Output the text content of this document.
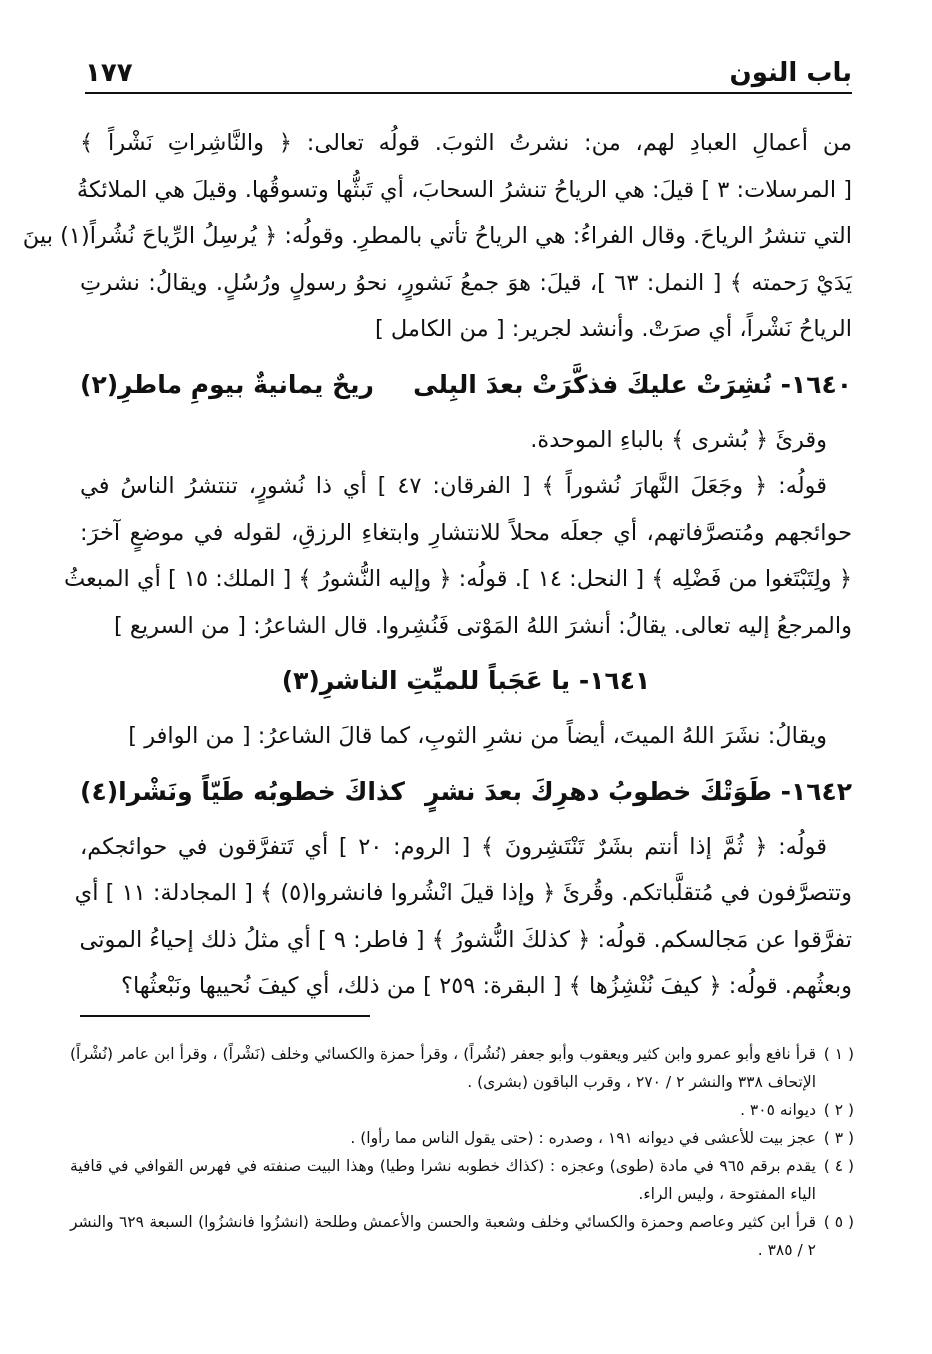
باب النون
١٧٧
من أعمالِ العبادِ لهم، من: نشرتُ الثوبَ. قولُه تعالى: ﴿ والنَّاشِراتِ نَشْراً ﴾
[ المرسلات: ٣ ] قيلَ: هي الرياحُ تنشرُ السحابَ، أي تَبثُّها وتسوقُها. وقيلَ هي الملائكةُ
التي تنشرُ الرياحَ. وقال الفراءُ: هي الرياحُ تأتي بالمطرِ. وقولُه: ﴿ يُرسِلُ الرِّياحَ نُشُراً(١) بينَ
يَدَيْ رَحمته ﴾ [ النمل: ٦٣ ]، قيلَ: هوَ جمعُ نَشورٍ، نحوُ رسولٍ ورُسُلٍ. ويقالُ: نشرتِ
الرياحُ نَشْراً، أي صرَتْ. وأنشد لجرير: [ من الكامل ]
١٦٤٠- نُشِرَتْ عليكَ فذكَّرَتْ بعدَ البِلى
ريحٌ يمانيةٌ بيومِ ماطرِ(٢)
وقرئَ ﴿ بُشرى ﴾ بالباءِ الموحدة.
قولُه: ﴿ وجَعَلَ النَّهارَ نُشوراً ﴾ [ الفرقان: ٤٧ ] أي ذا نُشورٍ، تنتشرُ الناسُ في
حوائجهم ومُتصرَّفاتهم، أي جعلَه محلاً للانتشارِ وابتغاءِ الرزقِ، لقوله في موضعٍ آخرَ:
﴿ ولِتَبْتَغوا من فَضْلِه ﴾ [ النحل: ١٤ ]. قولُه: ﴿ وإليه النُّشورُ ﴾ [ الملك: ١٥ ] أي المبعثُ
والمرجعُ إليه تعالى. يقالُ: أنشرَ اللهُ المَوْتى فَنُشِروا. قال الشاعرُ: [ من السريع ]
١٦٤١- يا عَجَباً للميِّتِ الناشرِ(٣)
ويقالُ: نشَرَ اللهُ الميتَ، أيضاً من نشرِ الثوبِ، كما قالَ الشاعرُ: [ من الوافر ]
١٦٤٢- طَوَتْكَ خطوبُ دهرِكَ بعدَ نشرٍ
كذاكَ خطوبُه طَيّاً ونَشْرا(٤)
قولُه: ﴿ ثُمَّ إذا أنتم بشَرٌ تَنْتَشِرونَ ﴾ [ الروم: ٢٠ ] أي تَتفرَّقون في حوائجكم،
وتتصرَّفون في مُتقلَّباتكم. وقُرئَ ﴿ وإذا قيلَ انْشُروا فانشروا(٥) ﴾ [ المجادلة: ١١ ] أي
تفرَّقوا عن مَجالسكم. قولُه: ﴿ كذلكَ النُّشورُ ﴾ [ فاطر: ٩ ] أي مثلُ ذلك إحياءُ الموتى
وبعثُهم. قولُه: ﴿ كيفَ نُنْشِزُها ﴾ [ البقرة: ٢٥٩ ] من ذلك، أي كيفَ نُحييها ونَبْعثُها؟
( ١ )
قرأ نافع وأبو عمرو وابن كثير ويعقوب وأبو جعفر (نُشُراً) ، وقرأ حمزة والكسائي وخلف (نَشْراً) ، وقرأ ابن عامر (نُشْراً) الإتحاف ٣٣٨ والنشر ٢ / ٢٧٠ ، وقرب الباقون (بشرى) .
( ٢ )
ديوانه ٣٠٥ .
( ٣ )
عجز بيت للأعشى في ديوانه ١٩١ ، وصدره : (حتى يقول الناس مما رأوا) .
( ٤ )
يقدم برقم ٩٦٥ في مادة (طوى) وعجزه : (كذاك خطوبه نشرا وطيا) وهذا البيت صنفته في فهرس القوافي في قافية الياء المفتوحة ، وليس الراء.
( ٥ )
قرأ ابن كثير وعاصم وحمزة والكسائي وخلف وشعبة والحسن والأعمش وطلحة (انشزُوا فانشزُوا) السبعة ٦٢٩ والنشر ٢ / ٣٨٥ .
